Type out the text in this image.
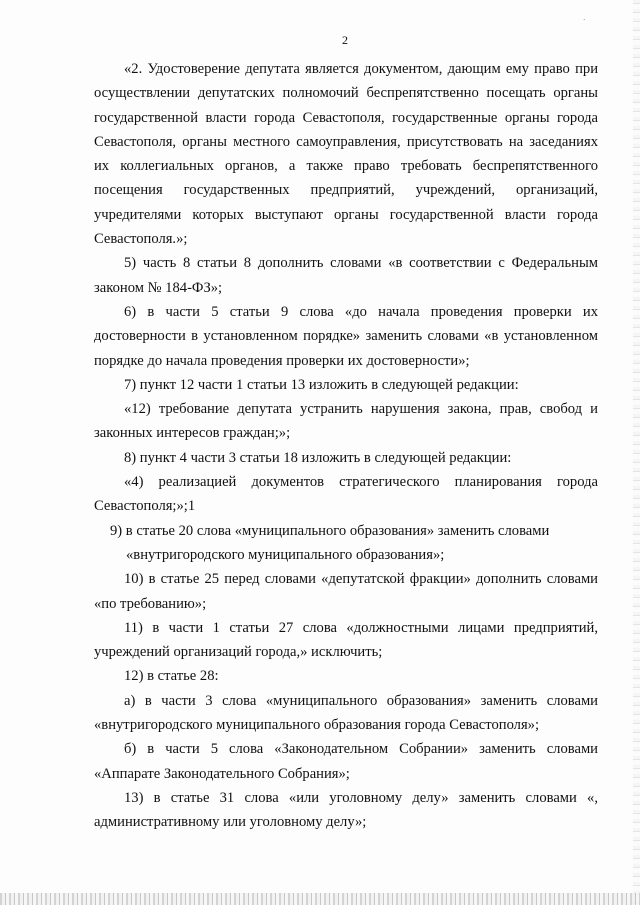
·
2

«2. Удостоверение депутата является документом, дающим ему право при осуществлении депутатских полномочий беспрепятственно посещать органы государственной власти города Севастополя, государственные органы города Севастополя, органы местного самоуправления, присутствовать на заседаниях их коллегиальных органов, а также право требовать беспрепятственного посещения государственных предприятий, учреждений, организаций, учредителями которых выступают органы государственной власти города Севастополя.»;

5) часть 8 статьи 8 дополнить словами «в соответствии с Федеральным законом № 184-ФЗ»;

6) в части 5 статьи 9 слова «до начала проведения проверки их достоверности в установленном порядке» заменить словами «в установленном порядке до начала проведения проверки их достоверности»;

7) пункт 12 части 1 статьи 13 изложить в следующей редакции:

«12) требование депутата устранить нарушения закона, прав, свобод и законных интересов граждан;»;

8) пункт 4 части 3 статьи 18 изложить в следующей редакции:

«4) реализацией документов стратегического планирования города Севастополя;»;1

9) в статье 20 слова «муниципального образования» заменить словами
«внутригородского муниципального образования»;

10) в статье 25 перед словами «депутатской фракции» дополнить словами «по требованию»;

11) в части 1 статьи 27 слова «должностными лицами предприятий, учреждений организаций города,» исключить;

12) в статье 28:

а) в части 3 слова «муниципального образования» заменить словами «внутригородского муниципального образования города Севастополя»;

б) в части 5 слова «Законодательном Собрании» заменить словами «Аппарате Законодательного Собрания»;

13) в статье 31 слова «или уголовному делу» заменить словами «, административному или уголовному делу»;
